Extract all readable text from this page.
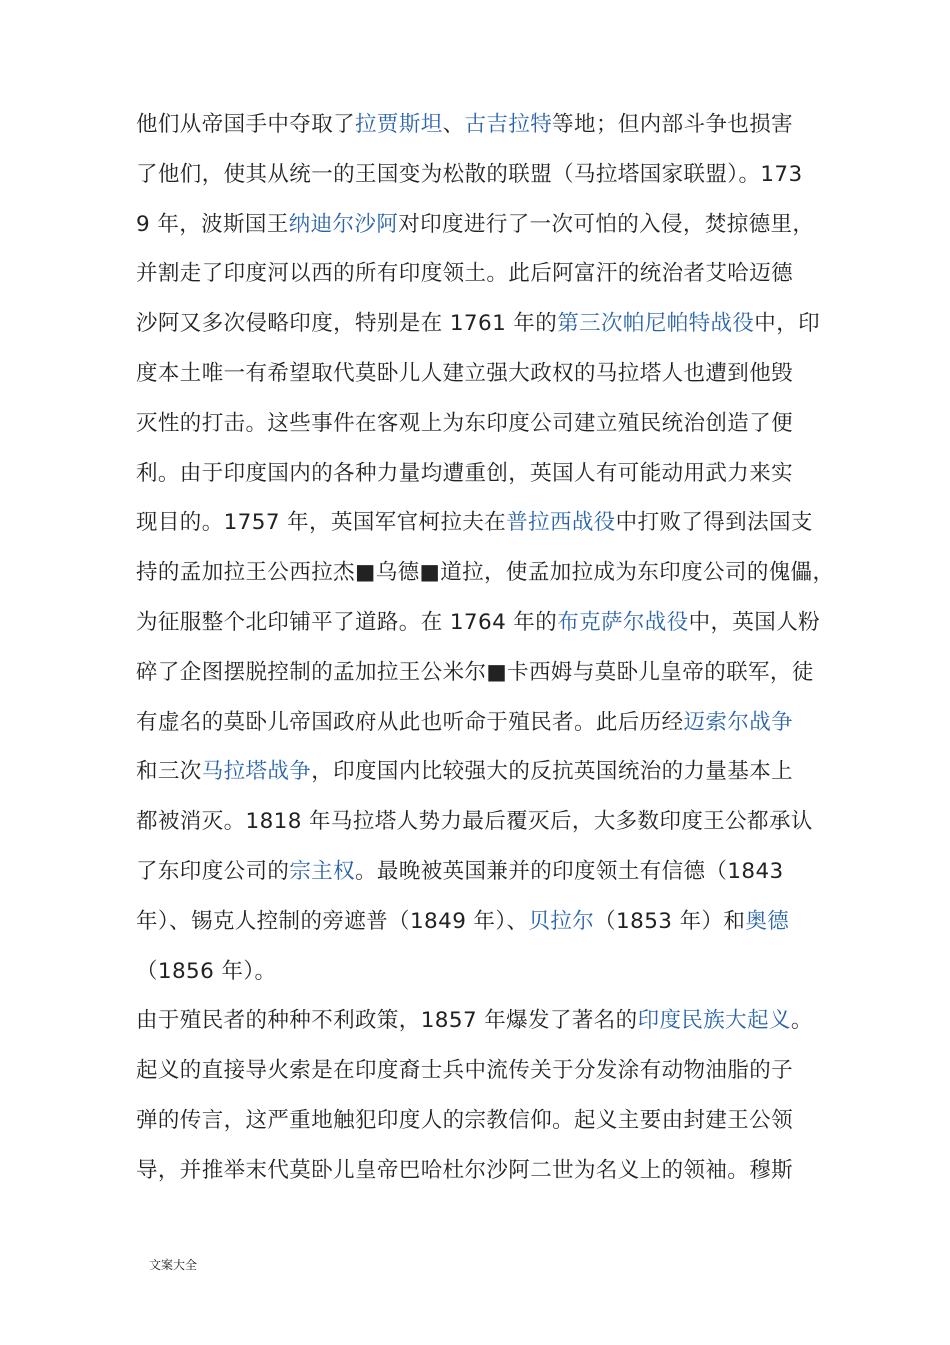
他们从帝国手中夺取了拉贾斯坦、古吉拉特等地；但内部斗争也损害
了他们，使其从统一的王国变为松散的联盟（马拉塔国家联盟）。173
9 年，波斯国王纳迪尔沙阿对印度进行了一次可怕的入侵，焚掠德里，
并割走了印度河以西的所有印度领土。此后阿富汗的统治者艾哈迈德
沙阿又多次侵略印度，特别是在 1761 年的第三次帕尼帕特战役中，印
度本土唯一有希望取代莫卧儿人建立强大政权的马拉塔人也遭到他毁
灭性的打击。这些事件在客观上为东印度公司建立殖民统治创造了便
利。由于印度国内的各种力量均遭重创，英国人有可能动用武力来实
现目的。1757 年，英国军官柯拉夫在普拉西战役中打败了得到法国支
持的孟加拉王公西拉杰■乌德■道拉，使孟加拉成为东印度公司的傀儡，
为征服整个北印铺平了道路。在 1764 年的布克萨尔战役中，英国人粉
碎了企图摆脱控制的孟加拉王公米尔■卡西姆与莫卧儿皇帝的联军，徒
有虚名的莫卧儿帝国政府从此也听命于殖民者。此后历经迈索尔战争
和三次马拉塔战争，印度国内比较强大的反抗英国统治的力量基本上
都被消灭。1818 年马拉塔人势力最后覆灭后，大多数印度王公都承认
了东印度公司的宗主权。最晚被英国兼并的印度领土有信德（1843
年）、锡克人控制的旁遮普（1849 年）、贝拉尔（1853 年）和奥德
（1856 年）。
由于殖民者的种种不利政策，1857 年爆发了著名的印度民族大起义。
起义的直接导火索是在印度裔士兵中流传关于分发涂有动物油脂的子
弹的传言，这严重地触犯印度人的宗教信仰。起义主要由封建王公领
导，并推举末代莫卧儿皇帝巴哈杜尔沙阿二世为名义上的领袖。穆斯
文案大全
